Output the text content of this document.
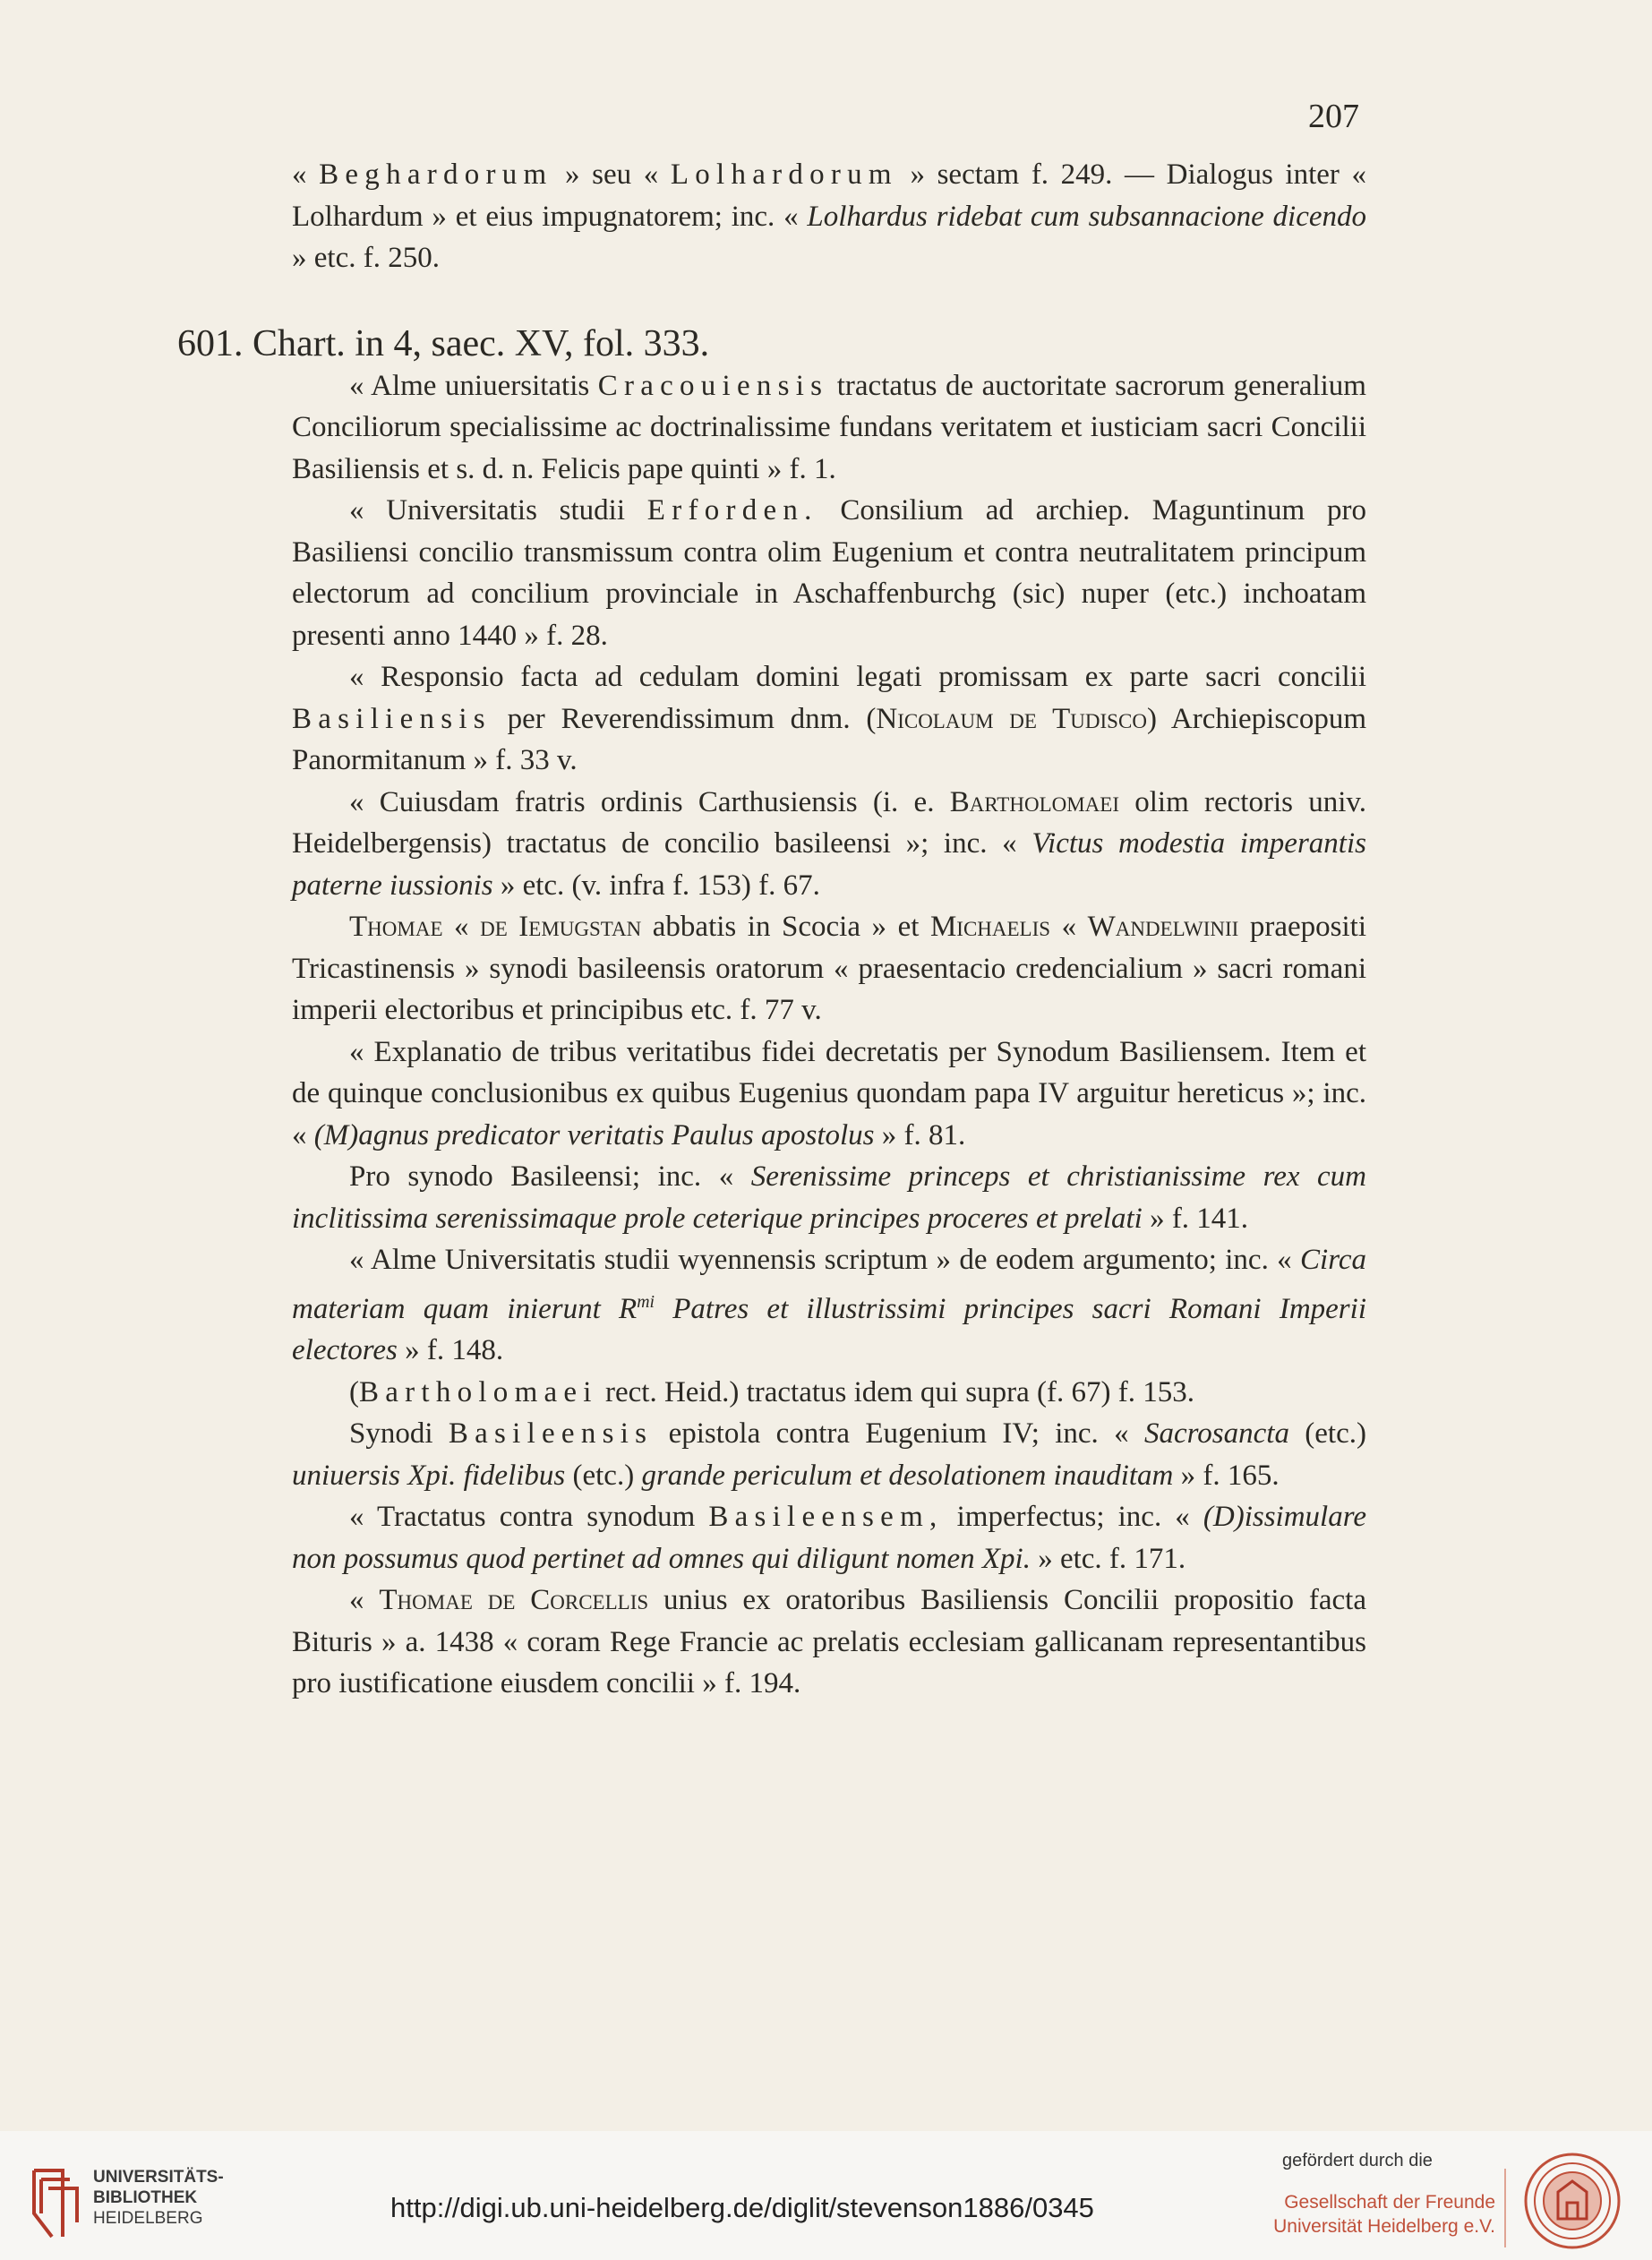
207

« Beghardorum » seu « Lolhardorum » sectam f. 249. — Dialogus inter « Lolhardum » et eius impugnatorem; inc. « Lolhardus ridebat cum subsannacione dicendo » etc. f. 250.

« Alme uniuersitatis Cracouiensis tractatus de auctoritate sacrorum generalium Conciliorum specialissime ac doctrinalissime fundans veritatem et iusticiam sacri Concilii Basiliensis et s. d. n. Felicis pape quinti » f. 1.

« Universitatis studii Erforden. Consilium ad archiep. Maguntinum pro Basiliensi concilio transmissum contra olim Eugenium et contra neutralitatem principum electorum ad concilium provinciale in Aschaffenburchg (sic) nuper (etc.) inchoatam presenti anno 1440 » f. 28.

« Responsio facta ad cedulam domini legati promissam ex parte sacri concilii Basiliensis per Reverendissimum dnm. (Nicolaum de Tudisco) Archiepiscopum Panormitanum » f. 33 v.

« Cuiusdam fratris ordinis Carthusiensis (i. e. Bartholomaei olim rectoris univ. Heidelbergensis) tractatus de concilio basileensi »; inc. « Victus modestia imperantis paterne iussionis » etc. (v. infra f. 153) f. 67.

Thomae « de Iemugstan abbatis in Scocia » et Michaelis « Wandelwinii praepositi Tricastinensis » synodi basileensis oratorum « praesentacio credencialium » sacri romani imperii electoribus et principibus etc. f. 77 v.

« Explanatio de tribus veritatibus fidei decretatis per Synodum Basiliensem. Item et de quinque conclusionibus ex quibus Eugenius quondam papa IV arguitur hereticus »; inc. « (M)agnus predicator veritatis Paulus apostolus » f. 81.

Pro synodo Basileensi; inc. « Serenissime princeps et christianissime rex cum inclitissima serenissimaque prole ceterique principes proceres et prelati » f. 141.

« Alme Universitatis studii wyennensis scriptum » de eodem argumento; inc. « Circa materiam quam inierunt $R^{mi}$ Patres et illustrissimi principes sacri Romani Imperii electores » f. 148.

(Bartholomaei rect. Heid.) tractatus idem qui supra (f. 67) f. 153.

Synodi Basileensis epistola contra Eugenium IV; inc. « Sacrosancta (etc.) uniuersis Xpi. fidelibus (etc.) grande periculum et desolationem inauditam » f. 165.

« Tractatus contra synodum Basileensem, imperfectus; inc. « (D)issimulare non possumus quod pertinet ad omnes qui diligunt nomen Xpi. » etc. f. 171.

« Thomae de Corcellis unius ex oratoribus Basiliensis Concilii propositio facta Bituris » a. 1438 « coram Rege Francie ac prelatis ecclesiam gallicanam representantibus pro iustificatione eiusdem concilii » f. 194.

601. Chart. in 4, saec. XV, fol. 333.
UNIVERSITÄTS-
BIBLIOTHEK
HEIDELBERG	http://digi.ub.uni-heidelberg.de/diglit/stevenson1886/0345
gefördert durch die
Gesellschaft der Freunde
Universität Heidelberg e.V.
